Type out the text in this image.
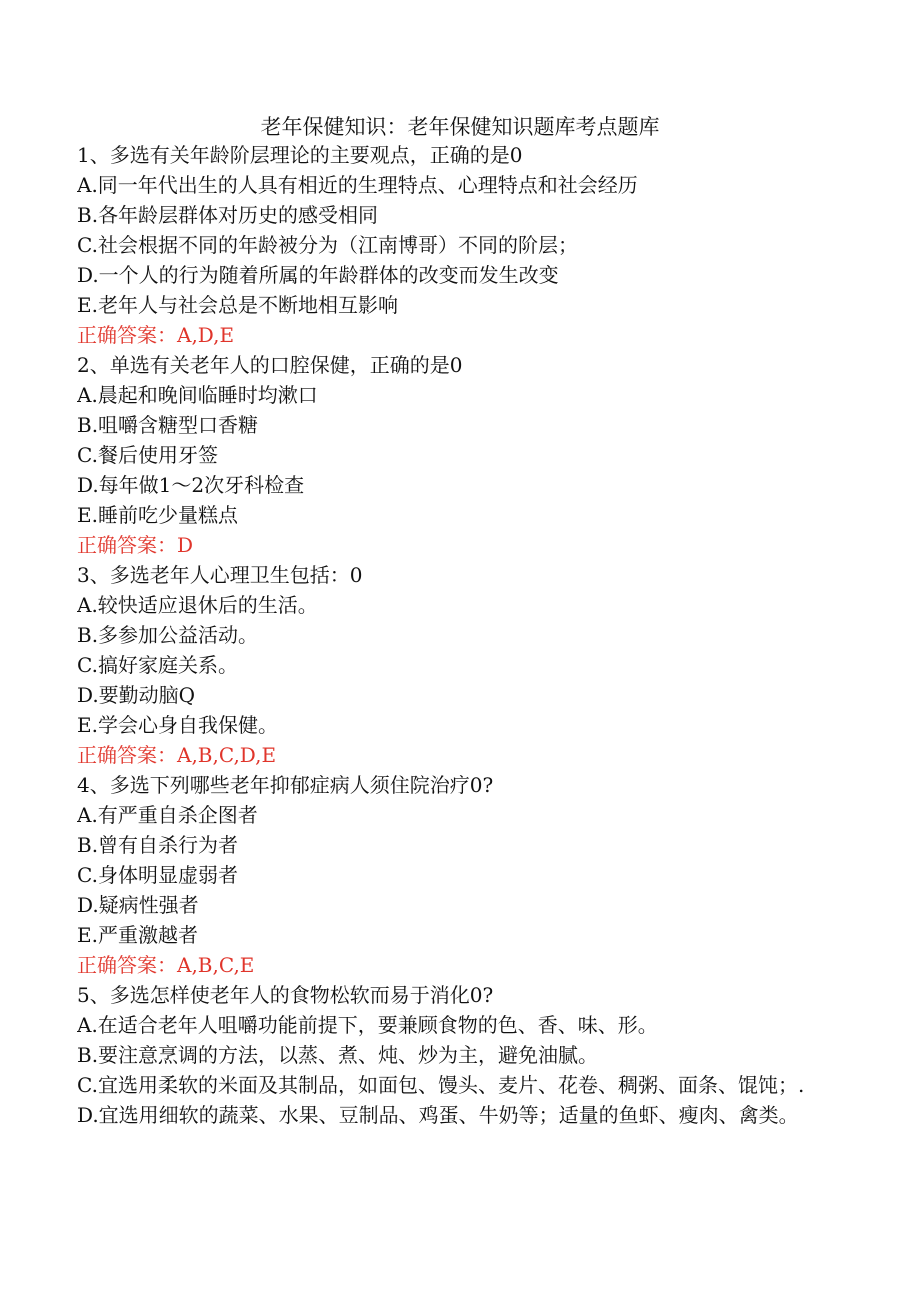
老年保健知识：老年保健知识题库考点题库
1、多选有关年龄阶层理论的主要观点，正确的是0
A.同一年代出生的人具有相近的生理特点、心理特点和社会经历
B.各年龄层群体对历史的感受相同
C.社会根据不同的年龄被分为（江南博哥）不同的阶层；
D.一个人的行为随着所属的年龄群体的改变而发生改变
E.老年人与社会总是不断地相互影响
正确答案：A,D,E
2、单选有关老年人的口腔保健，正确的是0
A.晨起和晚间临睡时均漱口
B.咀嚼含糖型口香糖
C.餐后使用牙签
D.每年做1～2次牙科检查
E.睡前吃少量糕点
正确答案：D
3、多选老年人心理卫生包括：0
A.较快适应退休后的生活。
B.多参加公益活动。
C.搞好家庭关系。
D.要勤动脑Q
E.学会心身自我保健。
正确答案：A,B,C,D,E
4、多选下列哪些老年抑郁症病人须住院治疗0?
A.有严重自杀企图者
B.曾有自杀行为者
C.身体明显虚弱者
D.疑病性强者
E.严重激越者
正确答案：A,B,C,E
5、多选怎样使老年人的食物松软而易于消化0?
A.在适合老年人咀嚼功能前提下，要兼顾食物的色、香、味、形。
B.要注意烹调的方法，以蒸、煮、炖、炒为主，避免油腻。
C.宜选用柔软的米面及其制品，如面包、馒头、麦片、花卷、稠粥、面条、馄饨；.
D.宜选用细软的蔬菜、水果、豆制品、鸡蛋、牛奶等；适量的鱼虾、瘦肉、禽类。
